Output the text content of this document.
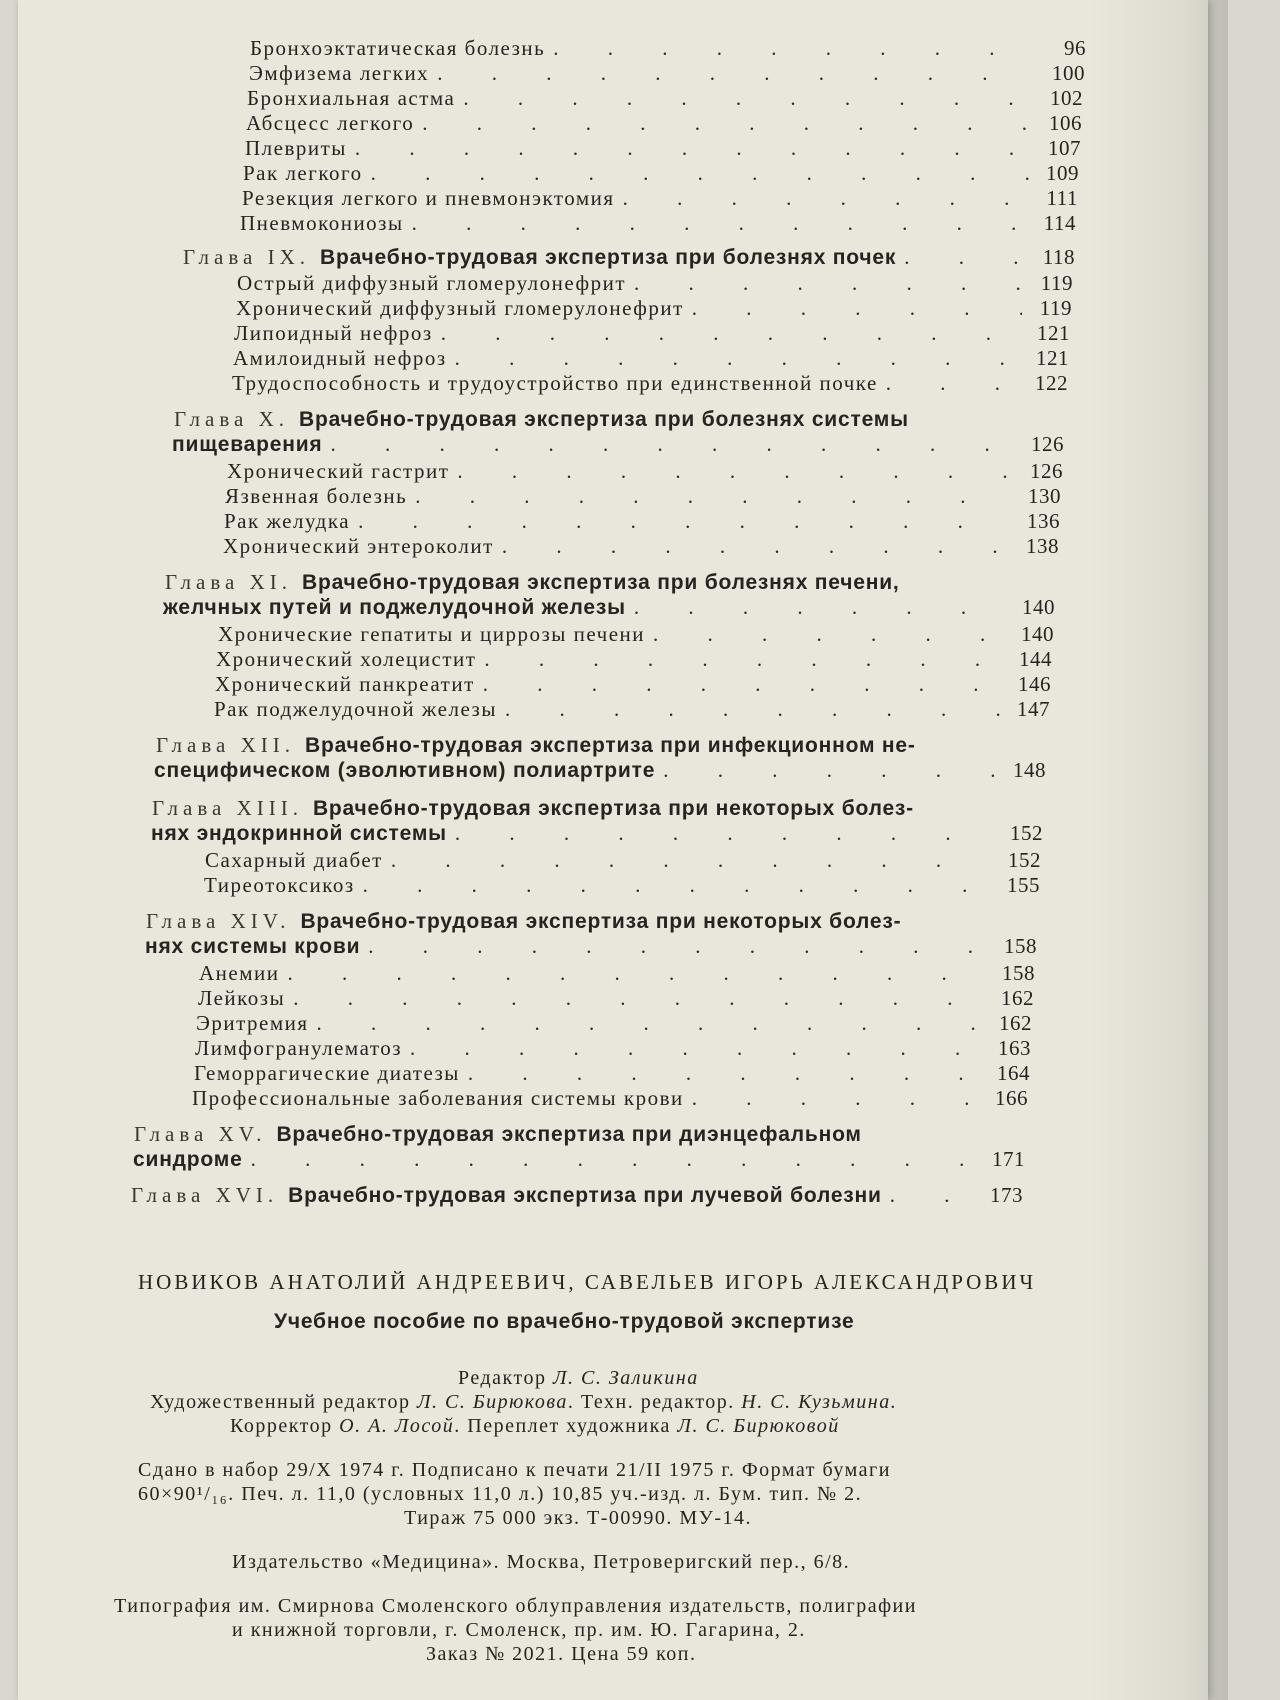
Бронхоэктатическая болезнь . . .	96
Эмфизема легких . . .	100
Бронхиальная астма . . .	102
Абсцесс легкого . . .	106
Плевриты . . .	107
Рак легкого . . .	109
Резекция легкого и пневмонэктомия . . .	111
Пневмокониозы . . .	114
Глава IX. Врачебно-трудовая экспертиза при болезнях почек . . .	118
Острый диффузный гломерулонефрит . . .	119
Хронический диффузный гломерулонефрит . . .	119
Липоидный нефроз . . .	121
Амилоидный нефроз . . .	121
Трудоспособность и трудоустройство при единственной почке . . .	122
Глава X. Врачебно-трудовая экспертиза при болезнях системы
пищеварения . . .	126
Хронический гастрит . . .	126
Язвенная болезнь . . .	130
Рак желудка . . .	136
Хронический энтероколит . . .	138
Глава XI. Врачебно-трудовая экспертиза при болезнях печени,
желчных путей и поджелудочной железы . . .	140
Хронические гепатиты и циррозы печени . . .	140
Хронический холецистит . . .	144
Хронический панкреатит . . .	146
Рак поджелудочной железы . . .	147
Глава XII. Врачебно-трудовая экспертиза при инфекционном не-
специфическом (эволютивном) полиартрите . . .	148
Глава XIII. Врачебно-трудовая экспертиза при некоторых болез-
нях эндокринной системы . . .	152
Сахарный диабет . . .	152
Тиреотоксикоз . . .	155
Глава XIV. Врачебно-трудовая экспертиза при некоторых болез-
нях системы крови . . .	158
Анемии . . .	158
Лейкозы . . .	162
Эритремия . . .	162
Лимфогранулематоз . . .	163
Геморрагические диатезы . . .	164
Профессиональные заболевания системы крови . . .	166
Глава XV. Врачебно-трудовая экспертиза при диэнцефальном
синдроме . . .	171
Глава XVI. Врачебно-трудовая экспертиза при лучевой болезни . . .	173
НОВИКОВ АНАТОЛИЙ АНДРЕЕВИЧ, САВЕЛЬЕВ ИГОРЬ АЛЕКСАНДРОВИЧ
Учебное пособие по врачебно-трудовой экспертизе
Редактор Л. С. Заликина
Художественный редактор Л. С. Бирюкова. Техн. редактор. Н. С. Кузьмина.
Корректор О. А. Лосой. Переплет художника Л. С. Бирюковой
Сдано в набор 29/X 1974 г. Подписано к печати 21/II 1975 г. Формат бумаги
60×90¹/₁₆. Печ. л. 11,0 (условных 11,0 л.) 10,85 уч.-изд. л. Бум. тип. № 2.
Тираж 75 000 экз. Т-00990. МУ-14.
Издательство «Медицина». Москва, Петроверигский пер., 6/8.
Типография им. Смирнова Смоленского облуправления издательств, полиграфии
и книжной торговли, г. Смоленск, пр. им. Ю. Гагарина, 2.
Заказ № 2021. Цена 59 коп.
